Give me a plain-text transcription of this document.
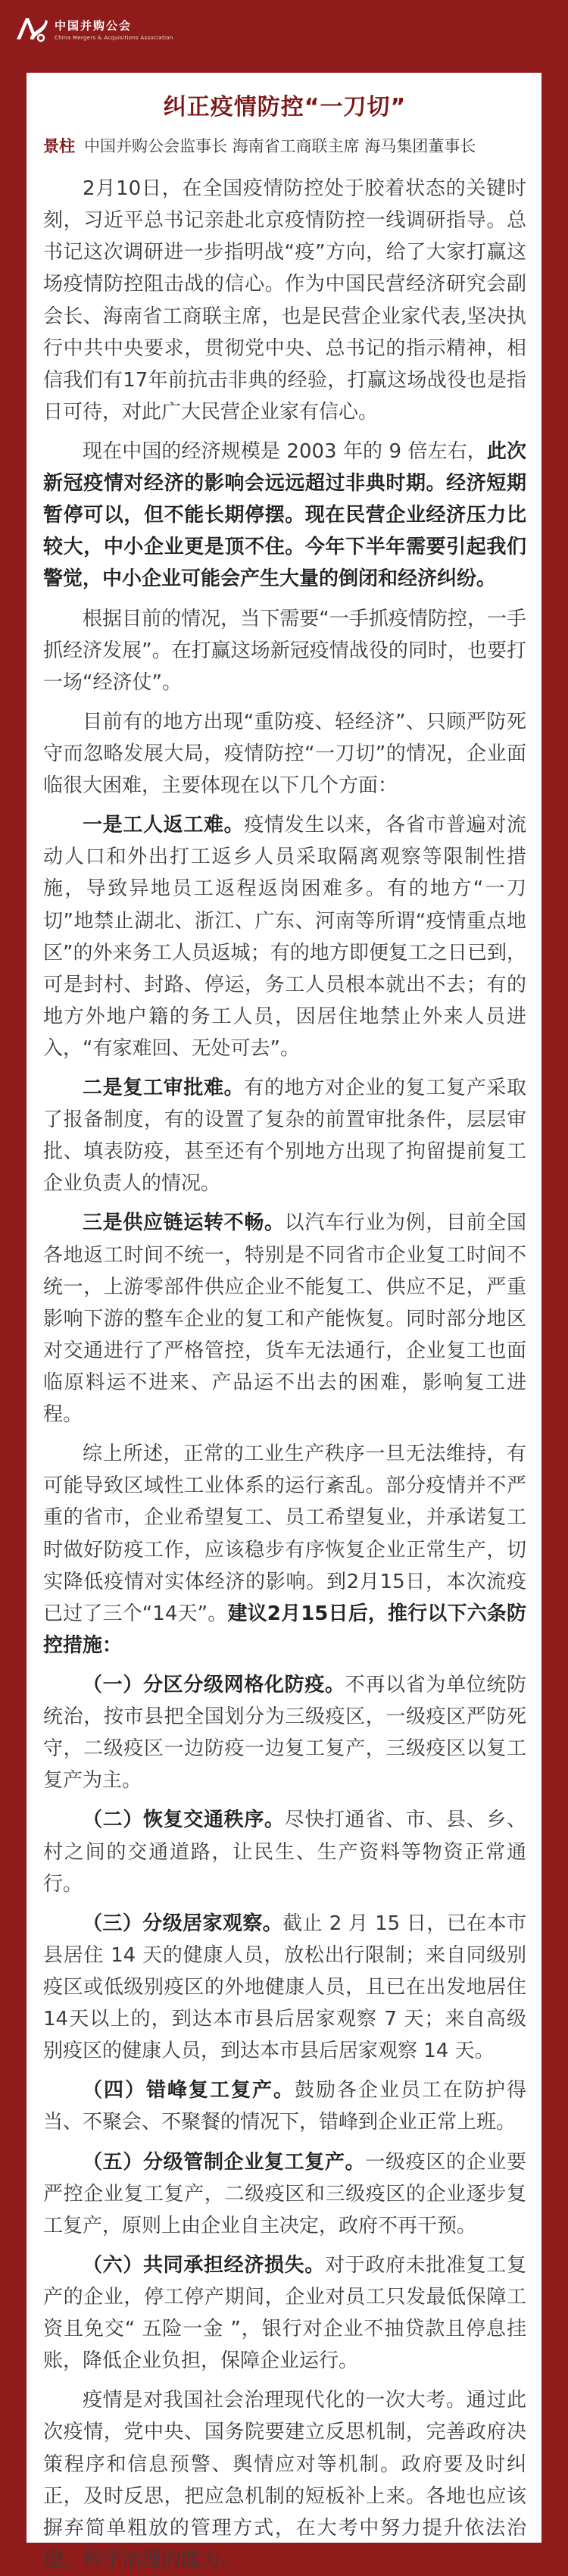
中国并购公会
China Mergers & Acquisitions Association
纠正疫情防控“一刀切”
景柱 中国并购公会监事长 海南省工商联主席 海马集团董事长

2月10日，在全国疫情防控处于胶着状态的关键时刻，习近平总书记亲赴北京疫情防控一线调研指导。总书记这次调研进一步指明战“疫”方向，给了大家打赢这场疫情防控阻击战的信心。作为中国民营经济研究会副会长、海南省工商联主席，也是民营企业家代表,坚决执行中共中央要求，贯彻党中央、总书记的指示精神，相信我们有17年前抗击非典的经验，打赢这场战役也是指日可待，对此广大民营企业家有信心。

现在中国的经济规模是 2003 年的 9 倍左右，此次新冠疫情对经济的影响会远远超过非典时期。经济短期暂停可以，但不能长期停摆。现在民营企业经济压力比较大，中小企业更是顶不住。今年下半年需要引起我们警觉，中小企业可能会产生大量的倒闭和经济纠纷。

根据目前的情况，当下需要“一手抓疫情防控，一手抓经济发展”。在打赢这场新冠疫情战役的同时，也要打一场“经济仗”。

目前有的地方出现“重防疫、轻经济”、只顾严防死守而忽略发展大局，疫情防控“一刀切”的情况，企业面临很大困难，主要体现在以下几个方面：

一是工人返工难。疫情发生以来，各省市普遍对流动人口和外出打工返乡人员采取隔离观察等限制性措施，导致异地员工返程返岗困难多。有的地方“一刀切”地禁止湖北、浙江、广东、河南等所谓“疫情重点地区”的外来务工人员返城；有的地方即便复工之日已到，可是封村、封路、停运，务工人员根本就出不去；有的地方外地户籍的务工人员，因居住地禁止外来人员进入，“有家难回、无处可去”。

二是复工审批难。有的地方对企业的复工复产采取了报备制度，有的设置了复杂的前置审批条件，层层审批、填表防疫，甚至还有个别地方出现了拘留提前复工企业负责人的情况。

三是供应链运转不畅。以汽车行业为例，目前全国各地返工时间不统一，特别是不同省市企业复工时间不统一，上游零部件供应企业不能复工、供应不足，严重影响下游的整车企业的复工和产能恢复。同时部分地区对交通进行了严格管控，货车无法通行，企业复工也面临原料运不进来、产品运不出去的困难，影响复工进程。

综上所述，正常的工业生产秩序一旦无法维持，有可能导致区域性工业体系的运行紊乱。部分疫情并不严重的省市，企业希望复工、员工希望复业，并承诺复工时做好防疫工作，应该稳步有序恢复企业正常生产，切实降低疫情对实体经济的影响。到2月15日，本次流疫已过了三个“14天”。建议2月15日后，推行以下六条防控措施：

（一）分区分级网格化防疫。不再以省为单位统防统治，按市县把全国划分为三级疫区，一级疫区严防死守，二级疫区一边防疫一边复工复产，三级疫区以复工复产为主。

（二）恢复交通秩序。尽快打通省、市、县、乡、村之间的交通道路，让民生、生产资料等物资正常通行。

（三）分级居家观察。截止 2 月 15 日，已在本市县居住 14 天的健康人员，放松出行限制；来自同级别疫区或低级别疫区的外地健康人员，且已在出发地居住 14天以上的，到达本市县后居家观察 7 天；来自高级别疫区的健康人员，到达本市县后居家观察 14 天。

（四）错峰复工复产。鼓励各企业员工在防护得当、不聚会、不聚餐的情况下，错峰到企业正常上班。

（五）分级管制企业复工复产。一级疫区的企业要严控企业复工复产，二级疫区和三级疫区的企业逐步复工复产，原则上由企业自主决定，政府不再干预。

（六）共同承担经济损失。对于政府未批准复工复产的企业，停工停产期间，企业对员工只发最低保障工资且免交“ 五险一金 ”，银行对企业不抽贷款且停息挂账，降低企业负担，保障企业运行。

疫情是对我国社会治理现代化的一次大考。通过此次疫情，党中央、国务院要建立反思机制，完善政府决策程序和信息预警、舆情应对等机制。政府要及时纠正，及时反思，把应急机制的短板补上来。各地也应该摒弃简单粗放的管理方式，在大考中努力提升依法治理、科学治理的能力。
